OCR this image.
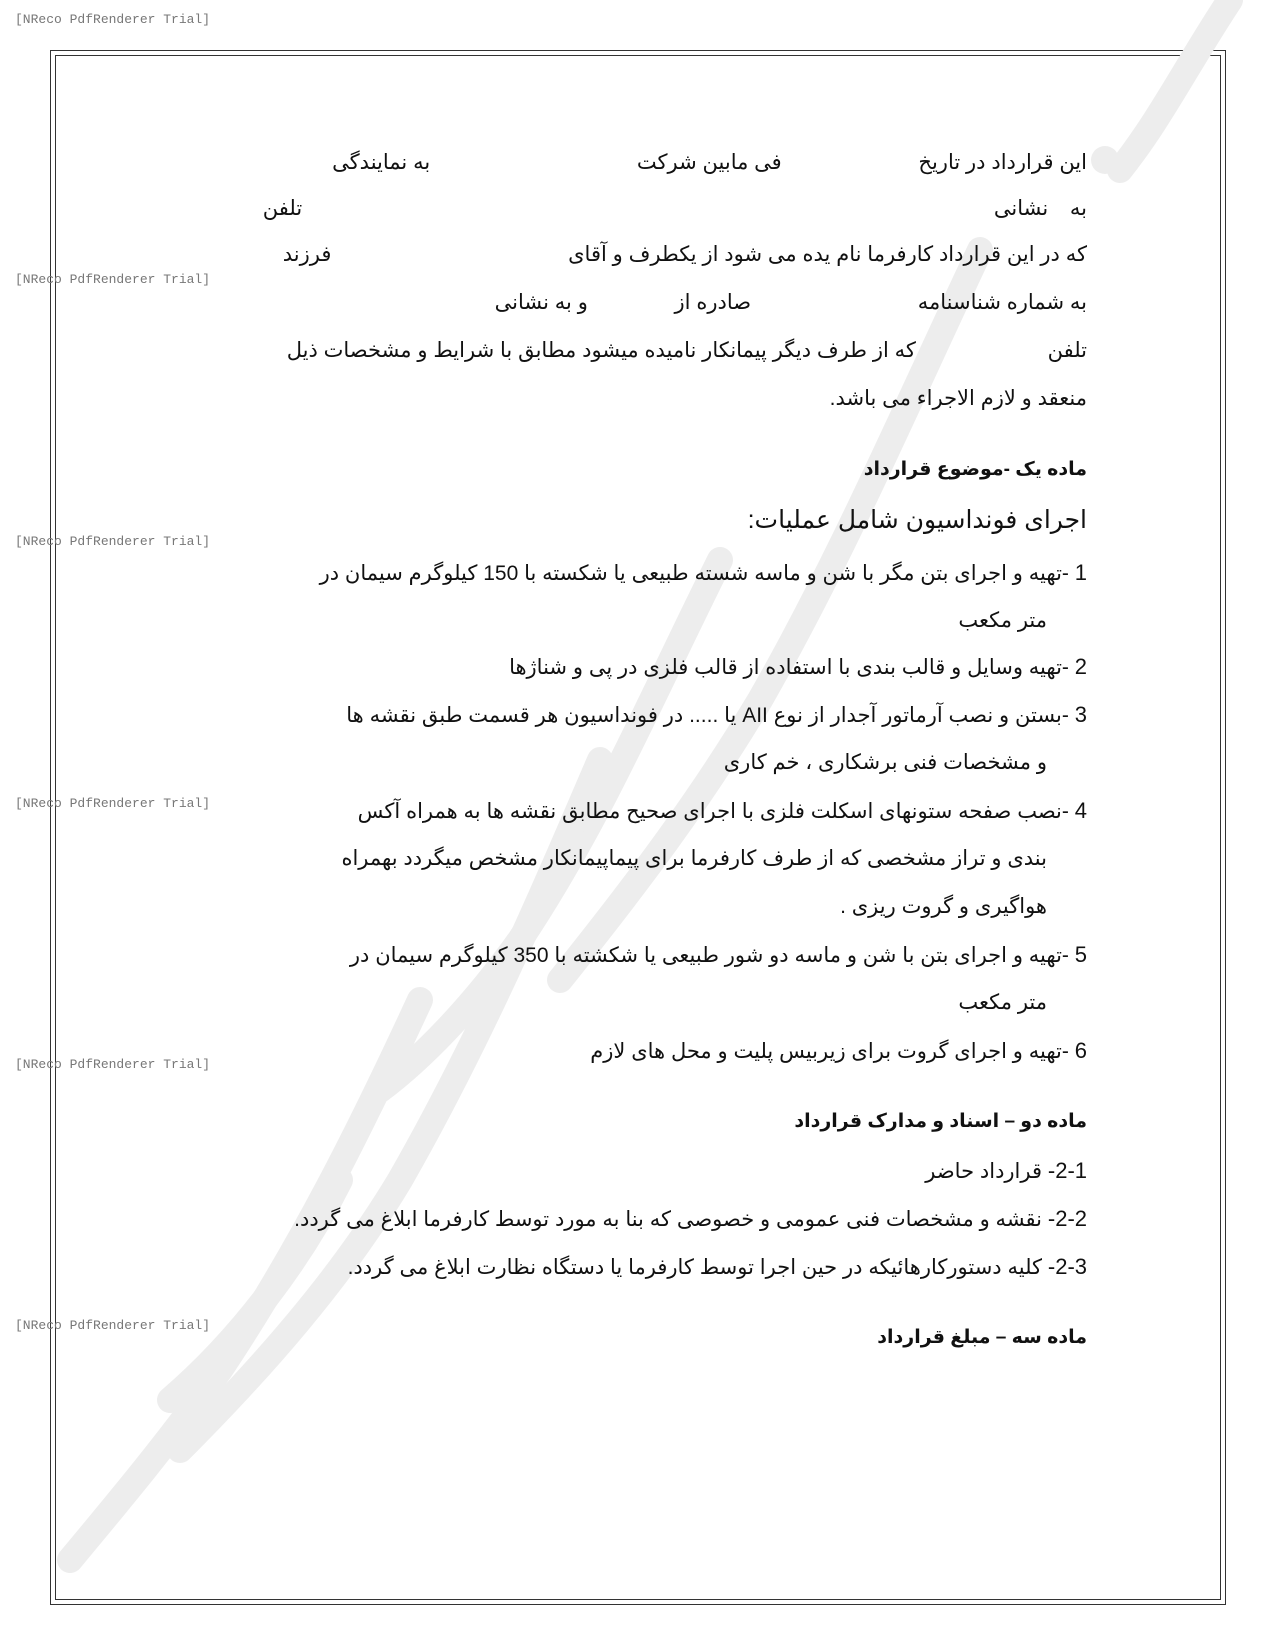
[NReco PdfRenderer Trial]
[NReco PdfRenderer Trial]
[NReco PdfRenderer Trial]
[NReco PdfRenderer Trial]
[NReco PdfRenderer Trial]
[NReco PdfRenderer Trial]
این قرارداد در تاریخ  فی مابین شرکت  به نمایندگی
به  نشانی  تلفن
که در این قرارداد کارفرما نام یده می شود از یکطرف و آقای  فرزند
به شماره شناسنامه  صادره از  و به نشانی
تلفن  که از طرف دیگر پیمانکار نامیده میشود مطابق با شرایط و مشخصات ذیل
منعقد و لازم الاجراء می باشد.
ماده یک -موضوع قرارداد
اجرای فونداسیون شامل عملیات:
1 -تهیه و اجرای بتن مگر با شن و ماسه شسته طبیعی یا شکسته با 150 کیلوگرم سیمان در
متر مکعب
2 -تهیه وسایل و قالب بندی با استفاده از قالب فلزی در پی و شناژها
3 -بستن و نصب آرماتور آجدار از نوع AII یا ..... در فونداسیون هر قسمت طبق نقشه ها
و مشخصات فنی برشکاری ، خم کاری
4 -نصب صفحه ستونهای اسکلت فلزی با اجرای صحیح مطابق نقشه ها به همراه آکس
بندی و تراز مشخصی که از طرف کارفرما برای پیماپیمانکار مشخص میگردد بهمراه
هواگیری و گروت ریزی .
5 -تهیه و اجرای بتن با شن و ماسه دو شور طبیعی یا شکشته با 350 کیلوگرم سیمان در
متر مکعب
6 -تهیه و اجرای گروت برای زیربیس پلیت و محل های لازم
ماده دو – اسناد و مدارک قرارداد
2-1- قرارداد حاضر
2-2- نقشه و مشخصات فنی عمومی و خصوصی که بنا به مورد توسط کارفرما ابلاغ می گردد.
2-3- کلیه دستورکارهائیکه در حین اجرا توسط کارفرما یا دستگاه نظارت ابلاغ می گردد.
ماده سه – مبلغ قرارداد
